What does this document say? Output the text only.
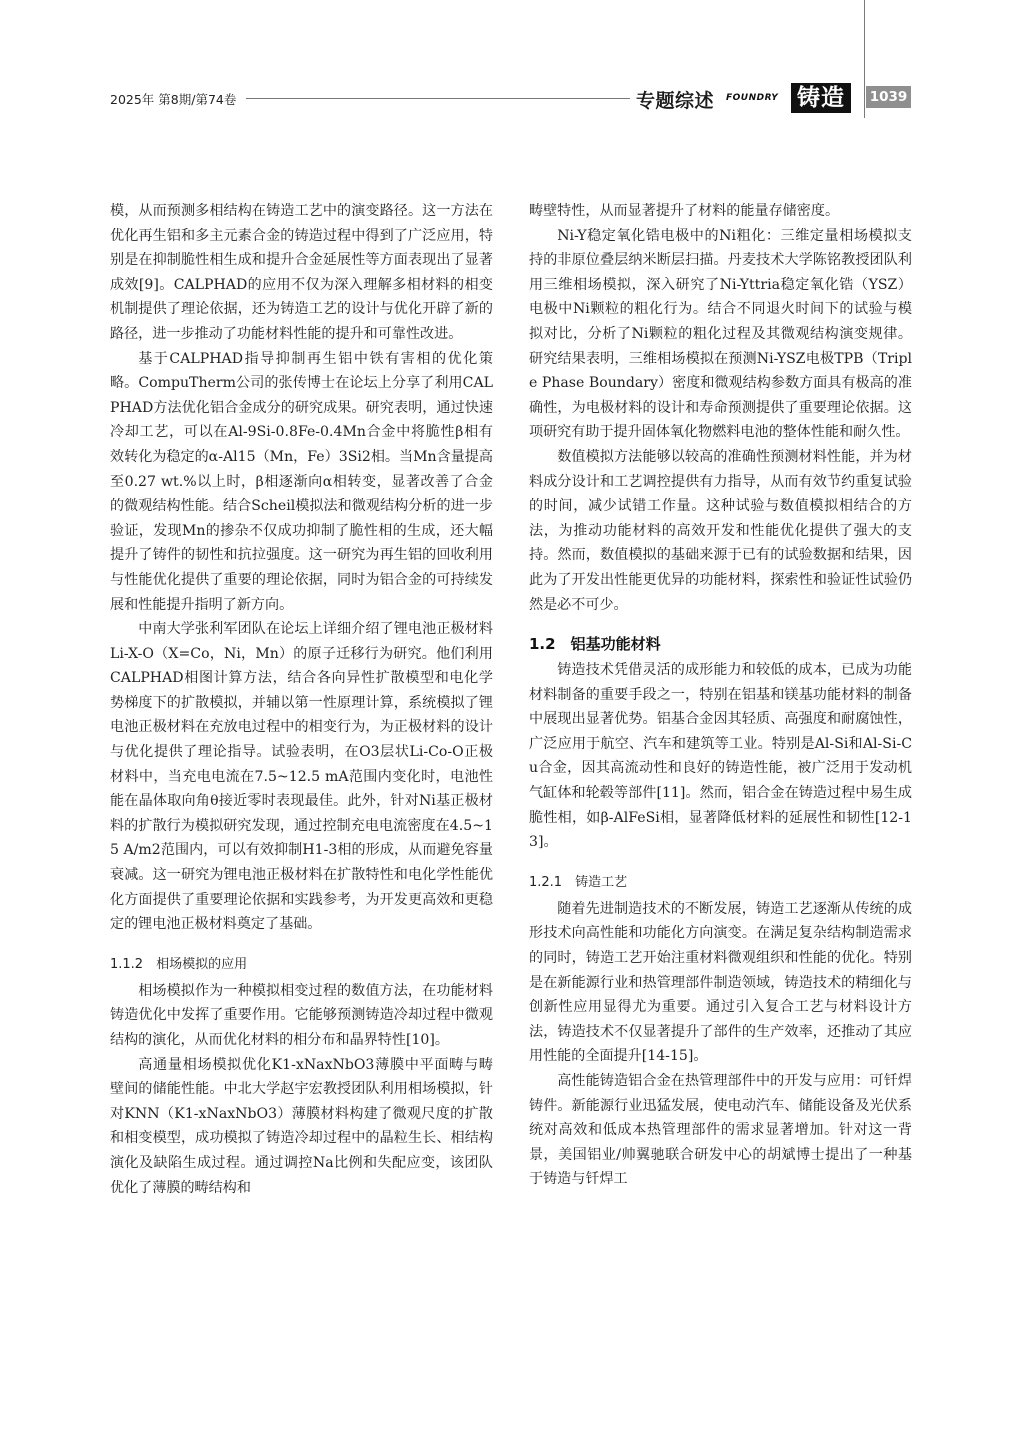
2025年 第8期/第74卷	专题综述 FOUNDRY 铸造	1039

模，从而预测多相结构在铸造工艺中的演变路径。这一方法在优化再生铝和多主元素合金的铸造过程中得到了广泛应用，特别是在抑制脆性相生成和提升合金延展性等方面表现出了显著成效[9]。CALPHAD的应用不仅为深入理解多相材料的相变机制提供了理论依据，还为铸造工艺的设计与优化开辟了新的路径，进一步推动了功能材料性能的提升和可靠性改进。

基于CALPHAD指导抑制再生铝中铁有害相的优化策略。CompuTherm公司的张传博士在论坛上分享了利用CALPHAD方法优化铝合金成分的研究成果。研究表明，通过快速冷却工艺，可以在Al-9Si-0.8Fe-0.4Mn合金中将脆性β相有效转化为稳定的α-Al15（Mn，Fe）3Si2相。当Mn含量提高至0.27 wt.%以上时，β相逐渐向α相转变，显著改善了合金的微观结构性能。结合Scheil模拟法和微观结构分析的进一步验证，发现Mn的掺杂不仅成功抑制了脆性相的生成，还大幅提升了铸件的韧性和抗拉强度。这一研究为再生铝的回收利用与性能优化提供了重要的理论依据，同时为铝合金的可持续发展和性能提升指明了新方向。

中南大学张利军团队在论坛上详细介绍了锂电池正极材料Li-X-O（X=Co，Ni，Mn）的原子迁移行为研究。他们利用CALPHAD相图计算方法，结合各向异性扩散模型和电化学势梯度下的扩散模拟，并辅以第一性原理计算，系统模拟了锂电池正极材料在充放电过程中的相变行为，为正极材料的设计与优化提供了理论指导。试验表明，在O3层状Li-Co-O正极材料中，当充电电流在7.5~12.5 mA范围内变化时，电池性能在晶体取向角θ接近零时表现最佳。此外，针对Ni基正极材料的扩散行为模拟研究发现，通过控制充电电流密度在4.5~15 A/m2范围内，可以有效抑制H1-3相的形成，从而避免容量衰减。这一研究为锂电池正极材料在扩散特性和电化学性能优化方面提供了重要理论依据和实践参考，为开发更高效和更稳定的锂电池正极材料奠定了基础。

1.1.2　相场模拟的应用

相场模拟作为一种模拟相变过程的数值方法，在功能材料铸造优化中发挥了重要作用。它能够预测铸造冷却过程中微观结构的演化，从而优化材料的相分布和晶界特性[10]。

高通量相场模拟优化K1-xNaxNbO3薄膜中平面畴与畴壁间的储能性能。中北大学赵宇宏教授团队利用相场模拟，针对KNN（K1-xNaxNbO3）薄膜材料构建了微观尺度的扩散和相变模型，成功模拟了铸造冷却过程中的晶粒生长、相结构演化及缺陷生成过程。通过调控Na比例和失配应变，该团队优化了薄膜的畴结构和

畴壁特性，从而显著提升了材料的能量存储密度。

Ni-Y稳定氧化锆电极中的Ni粗化：三维定量相场模拟支持的非原位叠层纳米断层扫描。丹麦技术大学陈铭教授团队利用三维相场模拟，深入研究了Ni-Yttria稳定氧化锆（YSZ）电极中Ni颗粒的粗化行为。结合不同退火时间下的试验与模拟对比，分析了Ni颗粒的粗化过程及其微观结构演变规律。研究结果表明，三维相场模拟在预测Ni-YSZ电极TPB（Triple Phase Boundary）密度和微观结构参数方面具有极高的准确性，为电极材料的设计和寿命预测提供了重要理论依据。这项研究有助于提升固体氧化物燃料电池的整体性能和耐久性。

数值模拟方法能够以较高的准确性预测材料性能，并为材料成分设计和工艺调控提供有力指导，从而有效节约重复试验的时间，减少试错工作量。这种试验与数值模拟相结合的方法，为推动功能材料的高效开发和性能优化提供了强大的支持。然而，数值模拟的基础来源于已有的试验数据和结果，因此为了开发出性能更优异的功能材料，探索性和验证性试验仍然是必不可少。

1.2　铝基功能材料

铸造技术凭借灵活的成形能力和较低的成本，已成为功能材料制备的重要手段之一，特别在铝基和镁基功能材料的制备中展现出显著优势。铝基合金因其轻质、高强度和耐腐蚀性，广泛应用于航空、汽车和建筑等工业。特别是Al-Si和Al-Si-Cu合金，因其高流动性和良好的铸造性能，被广泛用于发动机气缸体和轮毂等部件[11]。然而，铝合金在铸造过程中易生成脆性相，如β-AlFeSi相，显著降低材料的延展性和韧性[12-13]。

1.2.1　铸造工艺

随着先进制造技术的不断发展，铸造工艺逐渐从传统的成形技术向高性能和功能化方向演变。在满足复杂结构制造需求的同时，铸造工艺开始注重材料微观组织和性能的优化。特别是在新能源行业和热管理部件制造领域，铸造技术的精细化与创新性应用显得尤为重要。通过引入复合工艺与材料设计方法，铸造技术不仅显著提升了部件的生产效率，还推动了其应用性能的全面提升[14-15]。

高性能铸造铝合金在热管理部件中的开发与应用：可钎焊铸件。新能源行业迅猛发展，使电动汽车、储能设备及光伏系统对高效和低成本热管理部件的需求显著增加。针对这一背景，美国铝业/帅翼驰联合研发中心的胡斌博士提出了一种基于铸造与钎焊工
